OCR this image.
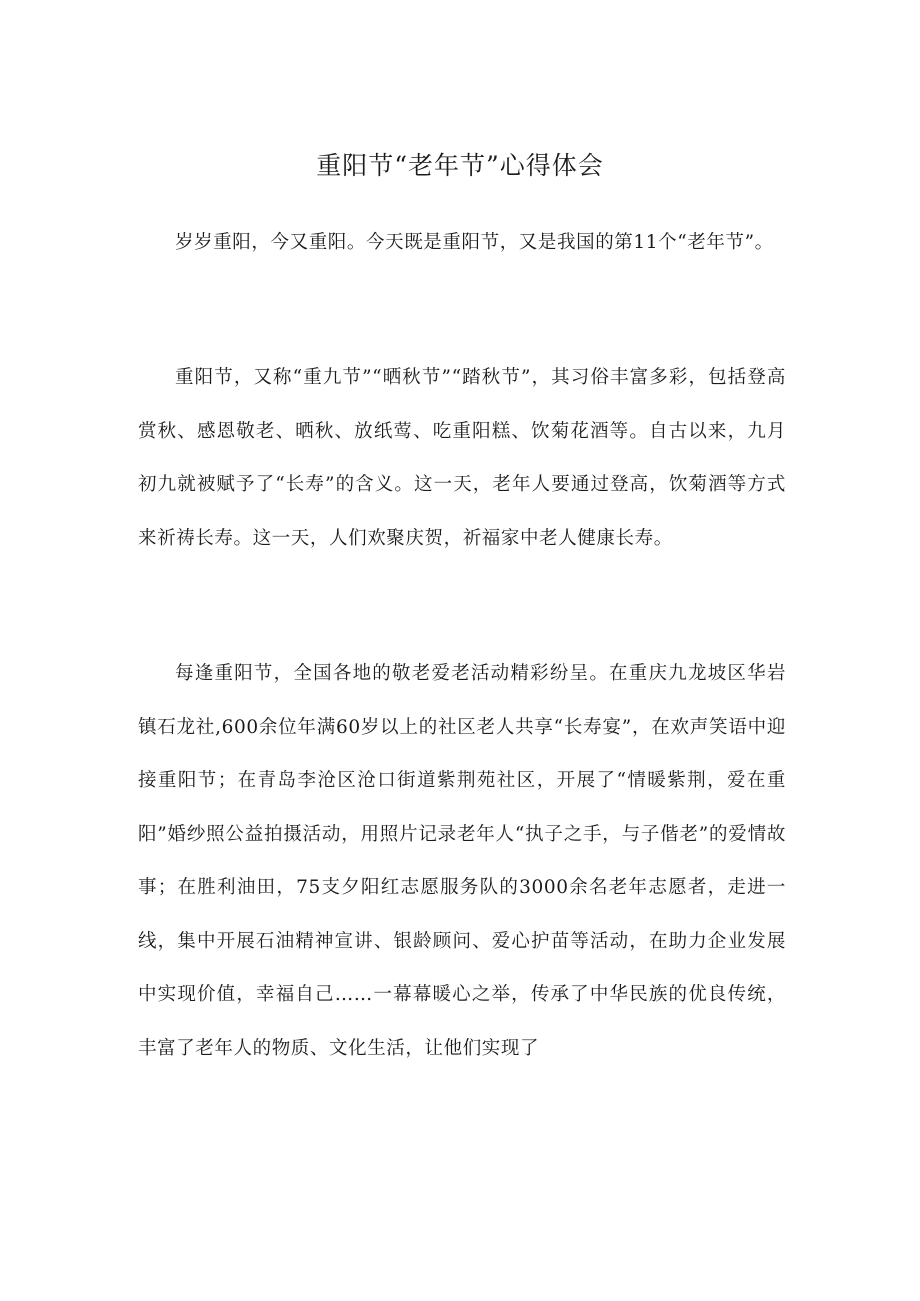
重阳节“老年节”心得体会

岁岁重阳，今又重阳。今天既是重阳节，又是我国的第11个“老年节”。

重阳节，又称“重九节”“晒秋节”“踏秋节”，其习俗丰富多彩，包括登高赏秋、感恩敬老、晒秋、放纸莺、吃重阳糕、饮菊花酒等。自古以来，九月初九就被赋予了“长寿”的含义。这一天，老年人要通过登高，饮菊酒等方式来祈祷长寿。这一天，人们欢聚庆贺，祈福家中老人健康长寿。

每逢重阳节，全国各地的敬老爱老活动精彩纷呈。在重庆九龙坡区华岩镇石龙社,600余位年满60岁以上的社区老人共享“长寿宴”，在欢声笑语中迎接重阳节；在青岛李沧区沧口街道紫荆苑社区，开展了“情暖紫荆，爱在重阳”婚纱照公益拍摄活动，用照片记录老年人“执子之手，与子偕老”的爱情故事；在胜利油田，75支夕阳红志愿服务队的3000余名老年志愿者，走进一线，集中开展石油精神宣讲、银龄顾问、爱心护苗等活动，在助力企业发展中实现价值，幸福自己……一幕幕暖心之举，传承了中华民族的优良传统，丰富了老年人的物质、文化生活，让他们实现了
